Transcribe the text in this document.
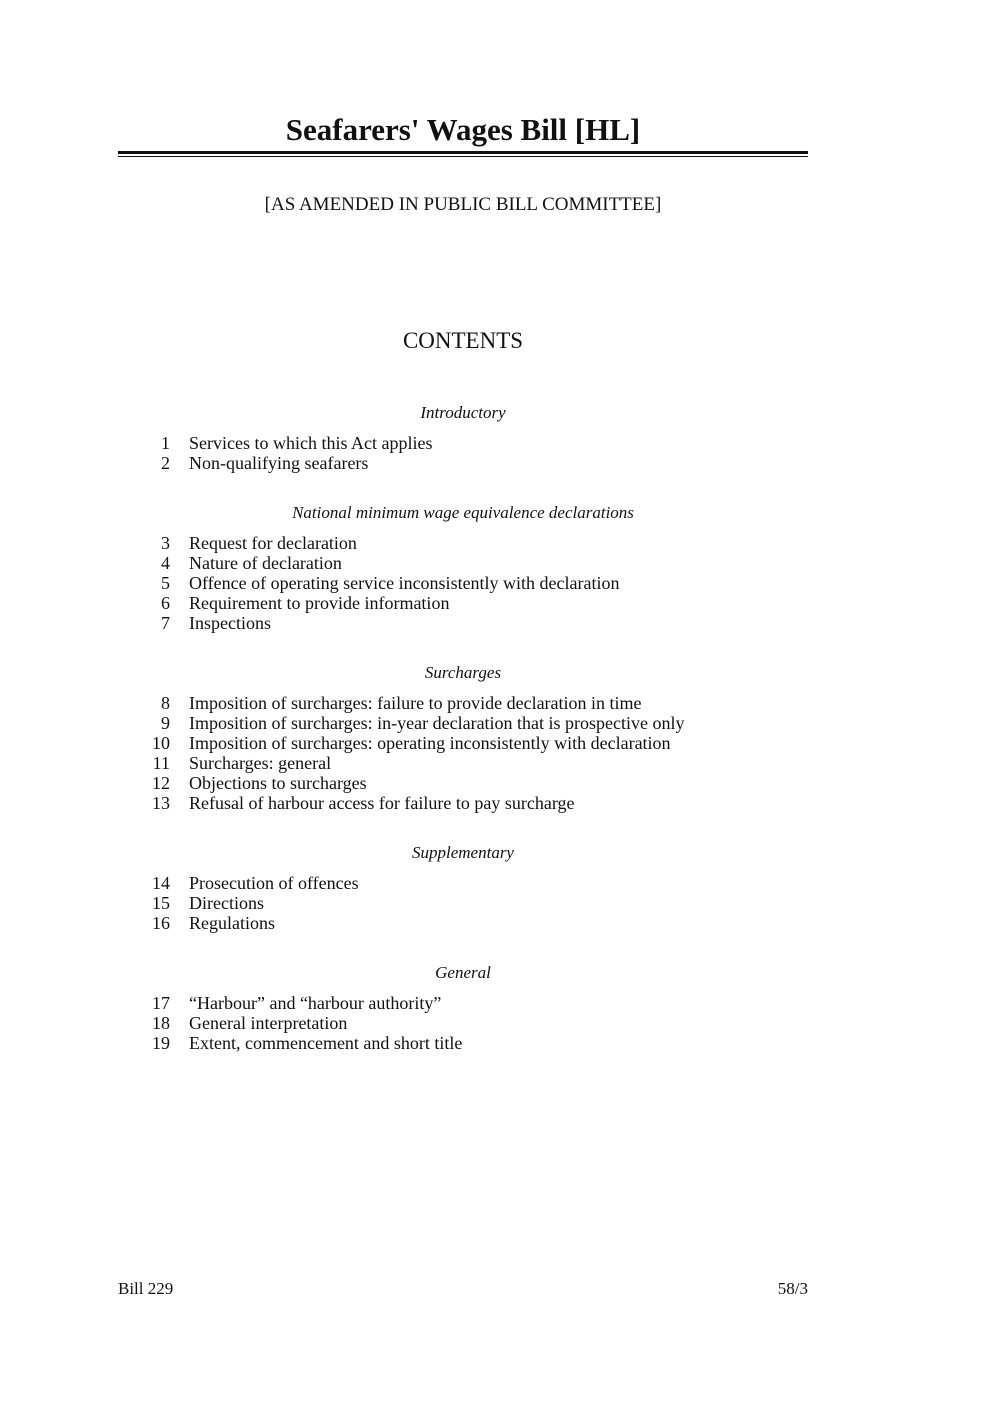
Seafarers' Wages Bill [HL]
[AS AMENDED IN PUBLIC BILL COMMITTEE]
CONTENTS
Introductory
1 Services to which this Act applies
2 Non-qualifying seafarers
National minimum wage equivalence declarations
3 Request for declaration
4 Nature of declaration
5 Offence of operating service inconsistently with declaration
6 Requirement to provide information
7 Inspections
Surcharges
8 Imposition of surcharges: failure to provide declaration in time
9 Imposition of surcharges: in-year declaration that is prospective only
10 Imposition of surcharges: operating inconsistently with declaration
11 Surcharges: general
12 Objections to surcharges
13 Refusal of harbour access for failure to pay surcharge
Supplementary
14 Prosecution of offences
15 Directions
16 Regulations
General
17 “Harbour” and “harbour authority”
18 General interpretation
19 Extent, commencement and short title
Bill 229	58/3
